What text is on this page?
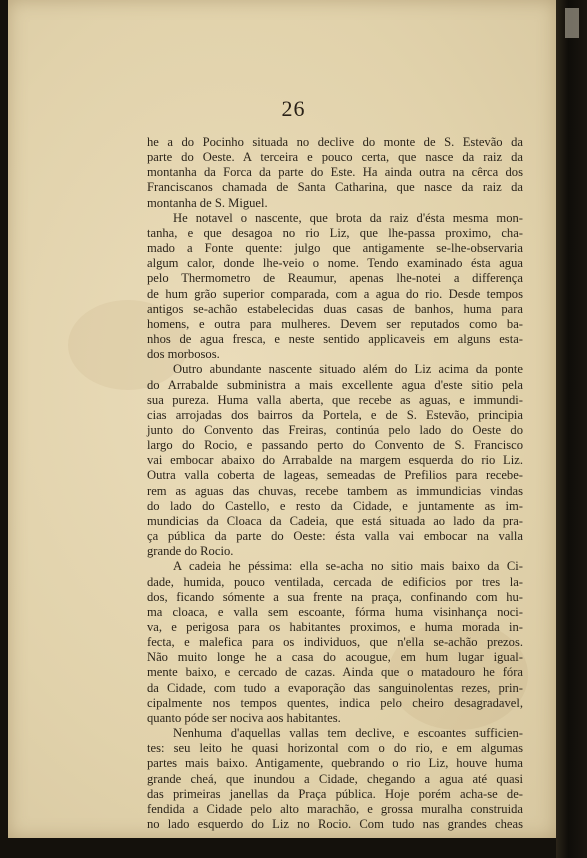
26
he a do Pocinho situada no declive do monte de S. Estevão da
parte do Oeste. A terceira e pouco certa, que nasce da raiz da
montanha da Forca da parte do Este. Ha ainda outra na cêrca dos
Franciscanos chamada de Santa Catharina, que nasce da raiz da
montanha de S. Miguel.
He notavel o nascente, que brota da raiz d'ésta mesma mon-
tanha, e que desagoa no rio Liz, que lhe-passa proximo, cha-
mado a Fonte quente: julgo que antigamente se-lhe-observaria
algum calor, donde lhe-veio o nome. Tendo examinado ésta agua
pelo Thermometro de Reaumur, apenas lhe-notei a differença
de hum grão superior comparada, com a agua do rio. Desde tempos
antigos se-achão estabelecidas duas casas de banhos, huma para
homens, e outra para mulheres. Devem ser reputados como ba-
nhos de agua fresca, e neste sentido applicaveis em alguns esta-
dos morbosos.
Outro abundante nascente situado além do Liz acima da ponte
do Arrabalde subministra a mais excellente agua d'este sitio pela
sua pureza. Huma valla aberta, que recebe as aguas, e immundi-
cias arrojadas dos bairros da Portela, e de S. Estevão, principia
junto do Convento das Freiras, continúa pelo lado do Oeste do
largo do Rocio, e passando perto do Convento de S. Francisco
vai embocar abaixo do Arrabalde na margem esquerda do rio Liz.
Outra valla coberta de lageas, semeadas de Prefilios para recebe-
rem as aguas das chuvas, recebe tambem as immundicias vindas
do lado do Castello, e resto da Cidade, e juntamente as im-
mundicias da Cloaca da Cadeia, que está situada ao lado da pra-
ça pública da parte do Oeste: ésta valla vai embocar na valla
grande do Rocio.
A cadeia he péssima: ella se-acha no sitio mais baixo da Ci-
dade, humida, pouco ventilada, cercada de edificios por tres la-
dos, ficando sómente a sua frente na praça, confinando com hu-
ma cloaca, e valla sem escoante, fórma huma visinhança noci-
va, e perigosa para os habitantes proximos, e huma morada in-
fecta, e malefica para os individuos, que n'ella se-achão prezos.
Não muito longe he a casa do acougue, em hum lugar igual-
mente baixo, e cercado de cazas. Ainda que o matadouro he fóra
da Cidade, com tudo a evaporação das sanguinolentas rezes, prin-
cipalmente nos tempos quentes, indica pelo cheiro desagradavel,
quanto póde ser nociva aos habitantes.
Nenhuma d'aquellas vallas tem declive, e escoantes sufficien-
tes: seu leito he quasi horizontal com o do rio, e em algumas
partes mais baixo. Antigamente, quebrando o rio Liz, houve huma
grande cheá, que inundou a Cidade, chegando a agua até quasi
das primeiras janellas da Praça pública. Hoje porém acha-se de-
fendida a Cidade pelo alto marachão, e grossa muralha construida
no lado esquerdo do Liz no Rocio. Com tudo nas grandes cheas
